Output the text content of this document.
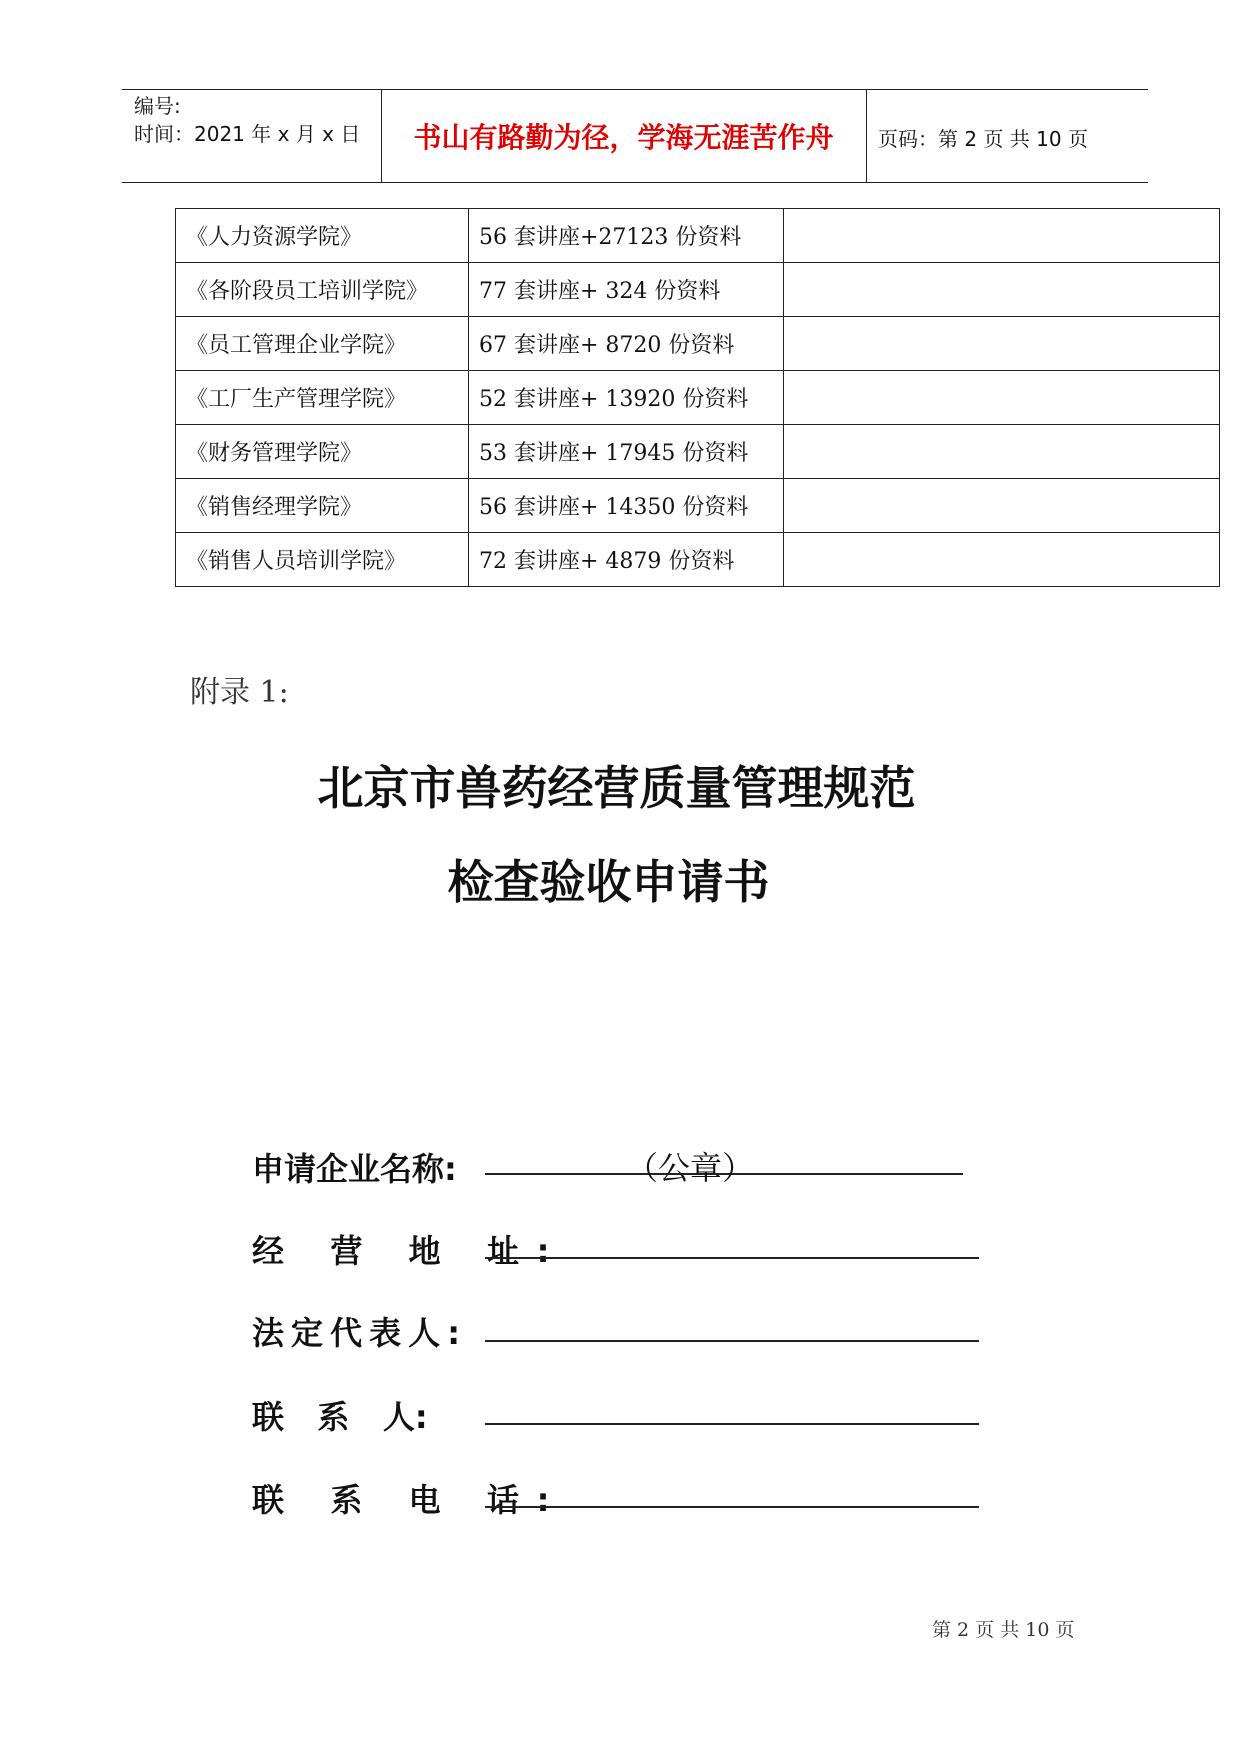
编号:
时间：2021 年 x 月 x 日	书山有路勤为径，学海无涯苦作舟	页码：第 2 页 共 10 页
《人力资源学院》	56 套讲座+27123 份资料	
《各阶段员工培训学院》	77 套讲座+ 324 份资料	
《员工管理企业学院》	67 套讲座+ 8720 份资料	
《工厂生产管理学院》	52 套讲座+ 13920 份资料	
《财务管理学院》	53 套讲座+ 17945 份资料	
《销售经理学院》	56 套讲座+ 14350 份资料	
《销售人员培训学院》	72 套讲座+ 4879 份资料	
附录 1:
北京市兽药经营质量管理规范
检查验收申请书
申请企业名称:	（公章）
经 营 地 址:
法定代表人:
联   系   人:
联 系 电 话:
第 2 页 共 10 页
